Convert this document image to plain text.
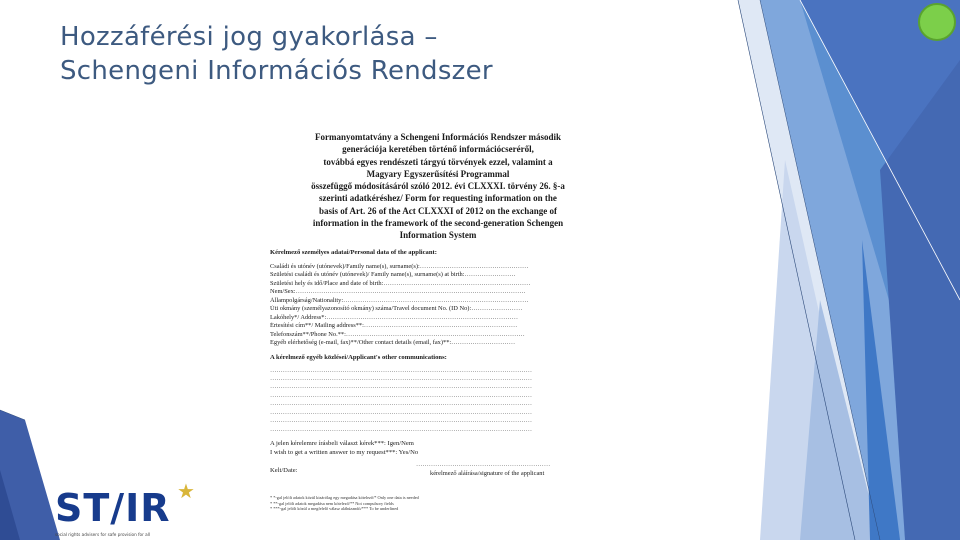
Hozzáférési jog gyakorlása –
Schengeni Információs Rendszer
Formanyomtatvány a Schengeni Információs Rendszer második
generációja keretében történő információcseréről,
továbbá egyes rendészeti tárgyú törvények ezzel, valamint a
Magyary Egyszerűsítési Programmal
összefüggő módosításáról szóló 2012. évi CLXXXI. törvény 26. §-a
szerinti adatkéréshez/ Form for requesting information on the
basis of Art. 26 of the Act CLXXXI of 2012 on the exchange of
information in the framework of the second-generation Schengen
Information System
Kérelmező személyes adatai/Personal data of the applicant:
Családi és utónév (utónevek)/Family name(s), surname(s):……………………………………………
Születési családi és utónév (utónevek)/ Family name(s), surname(s) at birth:……………………
Születési hely és idő/Place and date of birth:……………………………………………………………
Nem/Sex:………………………………………………………………………………………………
Állampolgárság/Nationality:……………………………………………………………………………
Úti okmány (személyazonosító okmány) száma/Travel document No. (ID No):……………………
Lakóhely*/ Address*:………………………………………………………………………………
Értesítési cím**/ Mailing address**:………………………………………………………………
Telefonszám**/Phone No.**:…………………………………………………………………………
Egyéb elérhetőség (e-mail, fax)**/Other contact details (email, fax)**:…………………………
A kérelmező egyéb közlései/Applicant's other communications:
……………………………………………………………………………………………………………
……………………………………………………………………………………………………………
……………………………………………………………………………………………………………
……………………………………………………………………………………………………………
……………………………………………………………………………………………………………
……………………………………………………………………………………………………………
……………………………………………………………………………………………………………
……………………………………………………………………………………………………………
A jelen kérelemre írásbeli választ kérek***: Igen/Nem
I wish to get a written answer to my request***: Yes/No
Kelt/Date:
………………………………………………………
kérelmező aláírása/signature of the applicant
* *-gal jelölt adatok közül kizárólag egy megadása kötelező/* Only one data is needed
* **-gal jelölt adatok megadása nem kötelező/** Not compulsory fields
* ***-gal jelölt közül a megfelelő válasz aláhúzandó/*** To be underlined
ST/IR ★
social rights advisers for safe provision for all
